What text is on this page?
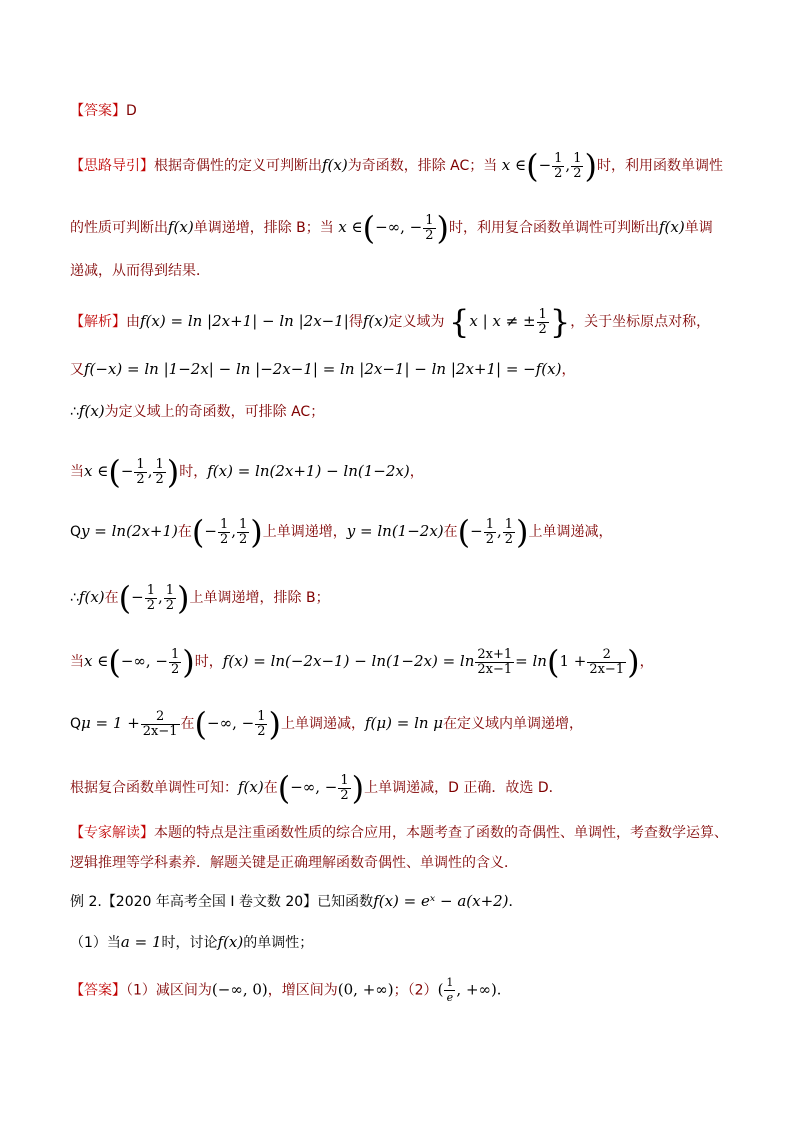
【答案】D
【思路导引】根据奇偶性的定义可判断出f(x)为奇函数，排除 AC；当 x ∈(− $\frac{1}{2}$ , $\frac{1}{2}$ )时，利用函数单调性
的性质可判断出f(x)单调递增，排除 B；当 x ∈(−∞, − $\frac{1}{2}$ )时，利用复合函数单调性可判断出f(x)单调
递减，从而得到结果．
【解析】由f(x) = ln |2x+1| − ln |2x−1|得f(x)定义域为 {x | x ≠ ± $\frac{1}{2}$ }，关于坐标原点对称，
又f(−x) = ln |1−2x| − ln |−2x−1| = ln |2x−1| − ln |2x+1| = −f(x)，
∴f(x)为定义域上的奇函数，可排除 AC；
当x ∈(− $\frac{1}{2}$ , $\frac{1}{2}$ )时，f(x) = ln(2x+1) − ln(1−2x)，
Qy = ln(2x+1)在(− $\frac{1}{2}$ , $\frac{1}{2}$ )上单调递增，y = ln(1−2x)在(− $\frac{1}{2}$ , $\frac{1}{2}$ )上单调递减，
∴f(x)在(− $\frac{1}{2}$ , $\frac{1}{2}$ )上单调递增，排除 B；
当x ∈(−∞, − $\frac{1}{2}$ )时，$f(x) = \ln(-2x-1) - \ln(1-2x) = \ln \frac{2x+1}{2x-1} = \ln(1 + \frac{2}{2x-1}$ )，
$Q\mu = 1 + \frac{2}{2x-1}$ 在(−∞, − $\frac{1}{2}$ )上单调递减，f(μ) = ln μ在定义域内单调递增，
根据复合函数单调性可知：f(x)在(−∞, − $\frac{1}{2}$ )上单调递减，D 正确．故选 D．
【专家解读】本题的特点是注重函数性质的综合应用，本题考查了函数的奇偶性、单调性，考查数学运算、
逻辑推理等学科素养．解题关键是正确理解函数奇偶性、单调性的含义．
例 2.【2020 年高考全国 I 卷文数 20】已知函数f(x) = eˣ − a(x+2)．
（1）当a = 1时，讨论f(x)的单调性；
【答案】（1）减区间为(−∞, 0)，增区间为(0, +∞)；$(2)( \frac{1}{e}$ , +∞)．
